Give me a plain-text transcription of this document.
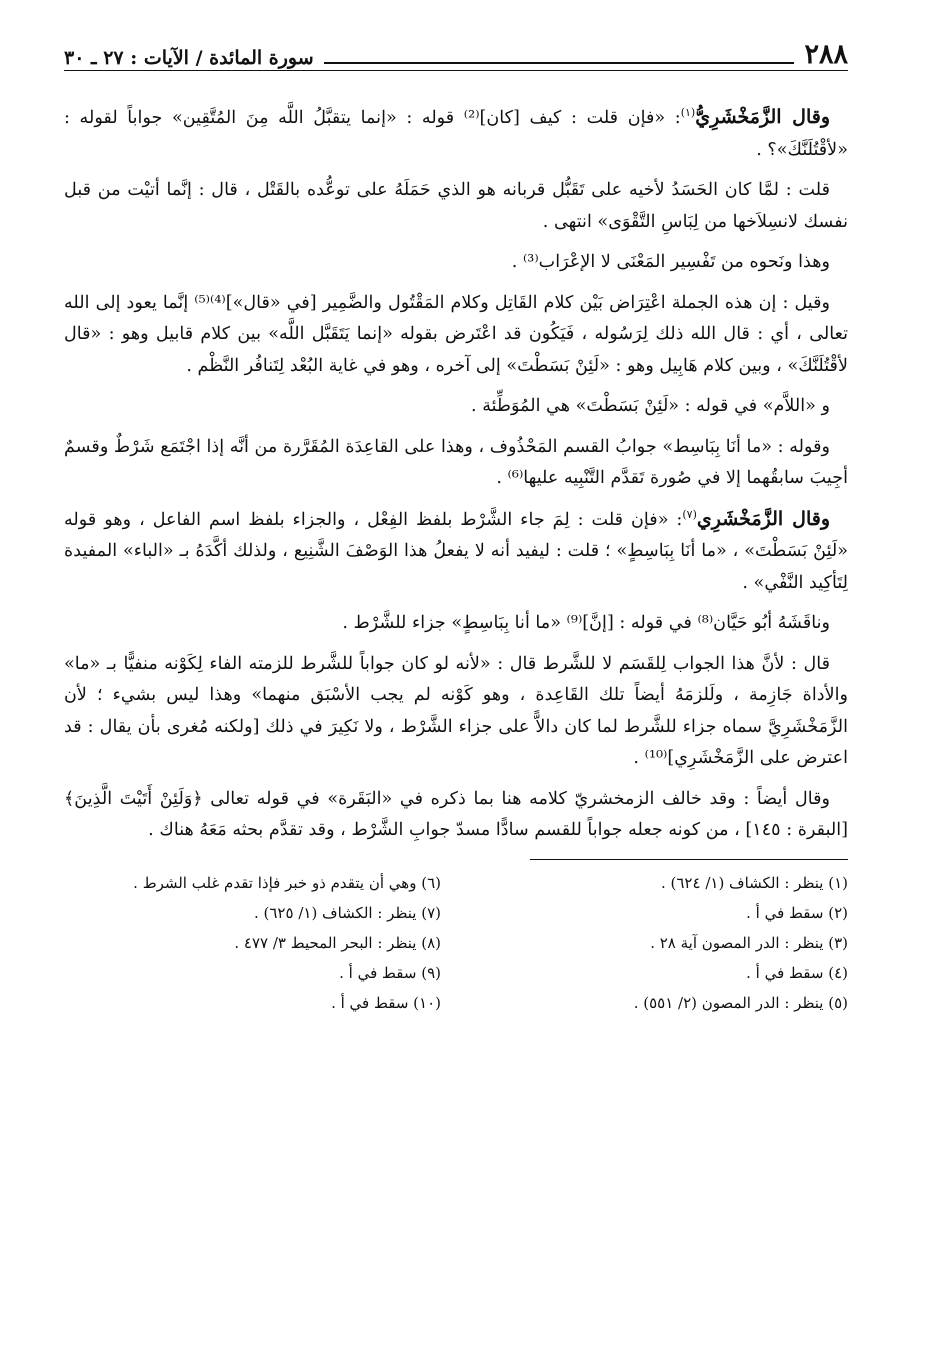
٢٨٨
سورة المائدة / الآيات : ٢٧ ـ ٣٠

وقال الزَّمَخْشَرِيُّ$^{(١)}$: «فإن قلت : كيف [كان]⁽²⁾ قوله : «إنما يتقبَّلُ اللَّه مِنَ المُتَّقِين» جواباً لقوله : «لأقْتُلَنَّكَ»؟ .

قلت : لمَّا كان الحَسَدُ لأخيه على تَقَبُّل قربانه هو الذي حَمَلَهُ على توعُّده بالقَتْل ، قال : إنَّما أتيْت من قبل نفسك لانسِلاَخها من لِبَاسِ التَّقْوَى» انتهى .

وهذا ونَحوه من تَفْسِير المَعْنَى لا الإعْرَاب⁽³⁾ .

وقيل : إن هذه الجملة اعْتِرَاض بَيْن كلام القَاتِل وكلام المَقْتُول والضَّمِير [في «قال»]⁽⁴⁾⁽⁵⁾ إنَّما يعود إلى الله تعالى ، أي : قال الله ذلك لِرَسُوله ، فَيَكُون قد اعْتَرض بقوله «إنما يَتَقَبَّل اللَّه» بين كلام قابيل وهو : «قال لأقْتُلَنَّكَ» ، وبين كلام هَابِيل وهو : «لَئِنْ بَسَطْتَ» إلى آخره ، وهو في غاية البُعْد لِتَنافُر النَّظْم .

و «اللاَّم» في قوله : «لَئِنْ بَسَطْتَ» هي المُوَطِّئة .

وقوله : «ما أنَا بِبَاسِط» جوابُ القسم المَحْذُوف ، وهذا على القاعِدَة المُقَرَّرة من أنَّه إذا اجْتَمَع شَرْطٌ وقسمٌ أجِيبَ سابقُهما إلا في صُورة تَقدَّم التَّنْبِيه عليها⁽⁶⁾ .

وقال الزَّمَخْشَرِي$^{(٧)}$: «فإن قلت : لِمَ جاء الشَّرْط بلفظ الفِعْل ، والجزاء بلفظ اسم الفاعل ، وهو قوله «لَئِنْ بَسَطْتَ» ، «ما أنَا بِبَاسِطٍ» ؛ قلت : ليفيد أنه لا يفعلُ هذا الوَصْفَ الشَّنِيع ، ولذلك أكَّدَهُ بـ «الباء» المفيدة لِتَأكِيد النَّفْي» .

وناقَشَهُ أبُو حَيَّان⁽⁸⁾ في قوله : [إنَّ]⁽⁹⁾ «ما أنا بِبَاسِطٍ» جزاء للشَّرْط .

قال : لأنَّ هذا الجواب لِلقَسَم لا للشَّرط قال : «لأنه لو كان جواباً للشَّرط للزمته الفاء لِكَوْنه منفيًّا بـ «ما» والأداة جَازِمة ، ولَلزمَهُ أيضاً تلك القَاعِدة ، وهو كَوْنه لم يجب الأسْبَق منهما» وهذا ليس بشيء ؛ لأن الزَّمَخْشَرِيَّ سماه جزاء للشَّرط لما كان دالاًّ على جزاء الشَّرْط ، ولا نَكِيرَ في ذلك [ولكنه مُغرى بأن يقال : قد اعترض على الزَّمَخْشَرِي]⁽¹⁰⁾ .

وقال أيضاً : وقد خالف الزمخشريّ كلامه هنا بما ذكره في «البَقَرة» في قوله تعالى ﴿وَلَئِنْ أَتَيْتَ الَّذِينَ﴾ [البقرة : ١٤٥] ، من كونه جعله جواباً للقسم سادًّا مسدّ جوابِ الشَّرْط ، وقد تقدَّم بحثه مَعَهُ هناك .

(١) ينظر : الكشاف (١/ ٦٢٤) .
(٢) سقط في أ .
(٣) ينظر : الدر المصون آية ٢٨ .
(٤) سقط في أ .
(٥) ينظر : الدر المصون (٢/ ٥٥١) .
(٦) وهي أن يتقدم ذو خبر فإذا تقدم غلب الشرط .
(٧) ينظر : الكشاف (١/ ٦٢٥) .
(٨) ينظر : البحر المحيط ٣/ ٤٧٧ .
(٩) سقط في أ .
(١٠) سقط في أ .
